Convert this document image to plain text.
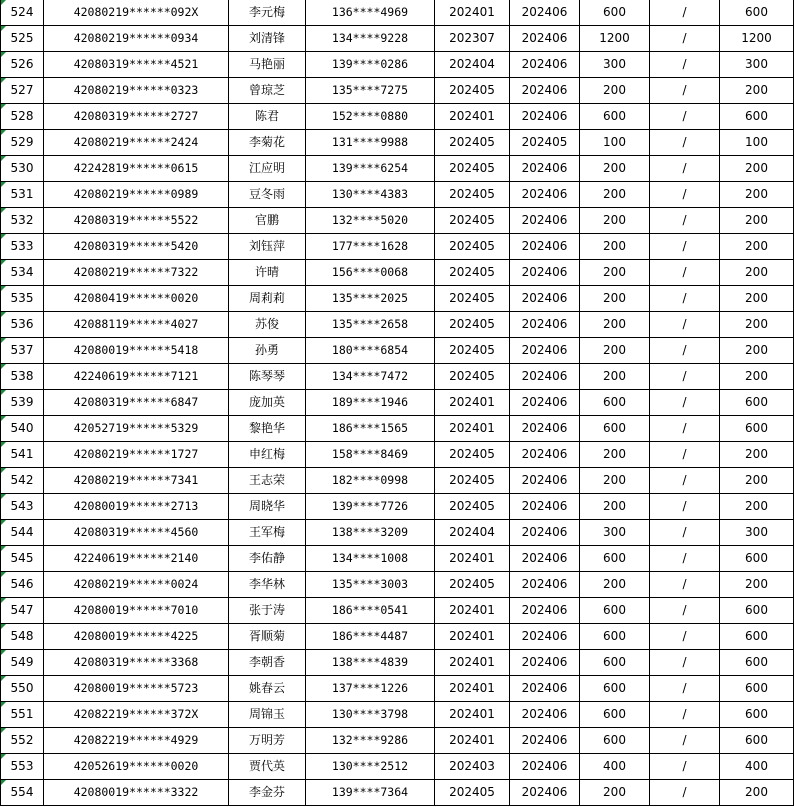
524	42080219******092X	李元梅	136****4969	202401	202406	600	/	600
525	42080219******0934	刘清锋	134****9228	202307	202406	1200	/	1200
526	42080319******4521	马艳丽	139****0286	202404	202406	300	/	300
527	42080219******0323	曾琼芝	135****7275	202405	202406	200	/	200
528	42080319******2727	陈君	152****0880	202401	202406	600	/	600
529	42080219******2424	李菊花	131****9988	202405	202405	100	/	100
530	42242819******0615	江应明	139****6254	202405	202406	200	/	200
531	42080219******0989	豆冬雨	130****4383	202405	202406	200	/	200
532	42080319******5522	官鹏	132****5020	202405	202406	200	/	200
533	42080319******5420	刘钰萍	177****1628	202405	202406	200	/	200
534	42080219******7322	许晴	156****0068	202405	202406	200	/	200
535	42080419******0020	周莉莉	135****2025	202405	202406	200	/	200
536	42088119******4027	苏俊	135****2658	202405	202406	200	/	200
537	42080019******5418	孙勇	180****6854	202405	202406	200	/	200
538	42240619******7121	陈琴琴	134****7472	202405	202406	200	/	200
539	42080319******6847	庞加英	189****1946	202401	202406	600	/	600
540	42052719******5329	黎艳华	186****1565	202401	202406	600	/	600
541	42080219******1727	申红梅	158****8469	202405	202406	200	/	200
542	42080219******7341	王志荣	182****0998	202405	202406	200	/	200
543	42080019******2713	周晓华	139****7726	202405	202406	200	/	200
544	42080319******4560	王军梅	138****3209	202404	202406	300	/	300
545	42240619******2140	李佑静	134****1008	202401	202406	600	/	600
546	42080219******0024	李华林	135****3003	202405	202406	200	/	200
547	42080019******7010	张于涛	186****0541	202401	202406	600	/	600
548	42080019******4225	胥顺菊	186****4487	202401	202406	600	/	600
549	42080319******3368	李朝香	138****4839	202401	202406	600	/	600
550	42080019******5723	姚春云	137****1226	202401	202406	600	/	600
551	42082219******372X	周锦玉	130****3798	202401	202406	600	/	600
552	42082219******4929	万明芳	132****9286	202401	202406	600	/	600
553	42052619******0020	贾代英	130****2512	202403	202406	400	/	400
554	42080019******3322	李金芬	139****7364	202405	202406	200	/	200
